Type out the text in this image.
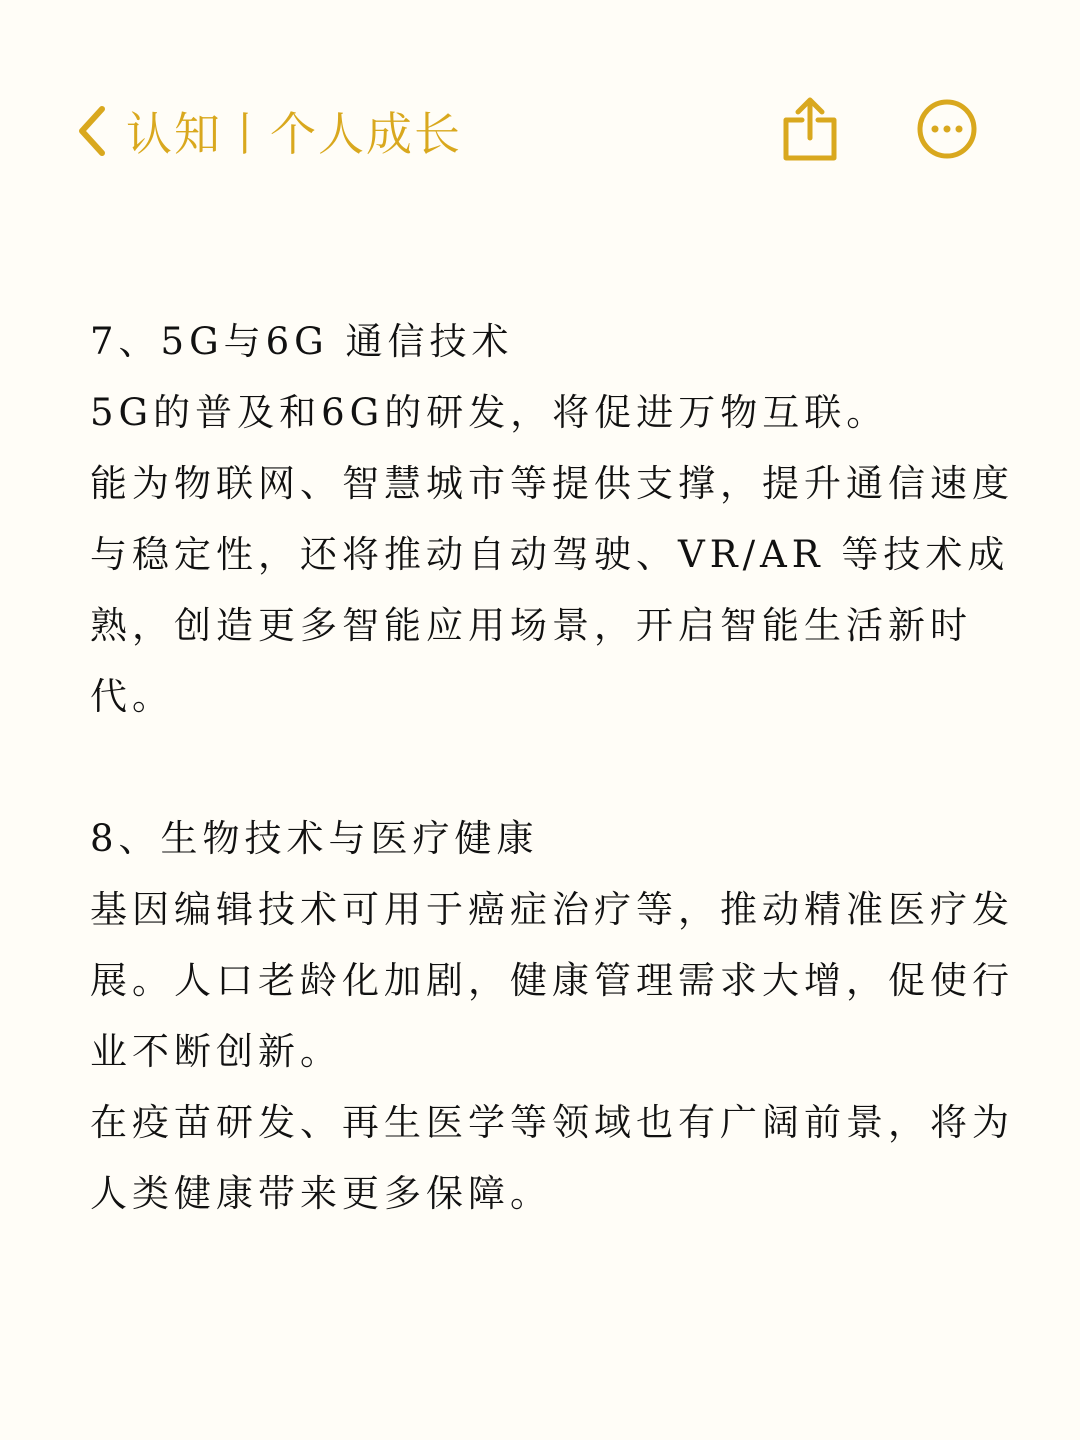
认知丨个人成长

7、5G与6G 通信技术

5G的普及和6G的研发，将促进万物互联。

能为物联网、智慧城市等提供支撑，提升通信速度与稳定性，还将推动自动驾驶、VR/AR 等技术成熟，创造更多智能应用场景，开启智能生活新时代。

8、生物技术与医疗健康

基因编辑技术可用于癌症治疗等，推动精准医疗发展。人口老龄化加剧，健康管理需求大增，促使行业不断创新。

在疫苗研发、再生医学等领域也有广阔前景，将为人类健康带来更多保障。
